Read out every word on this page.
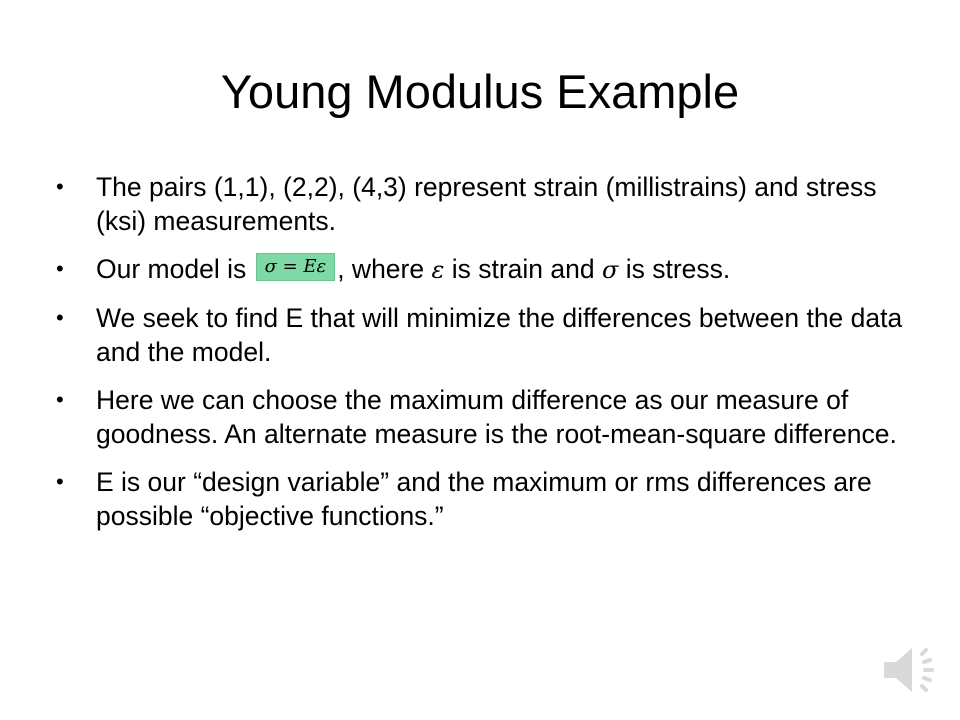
Young Modulus Example
• The pairs (1,1), (2,2), (4,3) represent strain (millistrains) and stress (ksi) measurements.
• Our model is σ = Eε , where ε is strain and σ is stress.
• We seek to find E that will minimize the differences between the data and the model.
• Here we can choose the maximum difference as our measure of goodness. An alternate measure is the root-mean-square difference.
• E is our “design variable” and the maximum or rms differences are possible “objective functions.”
